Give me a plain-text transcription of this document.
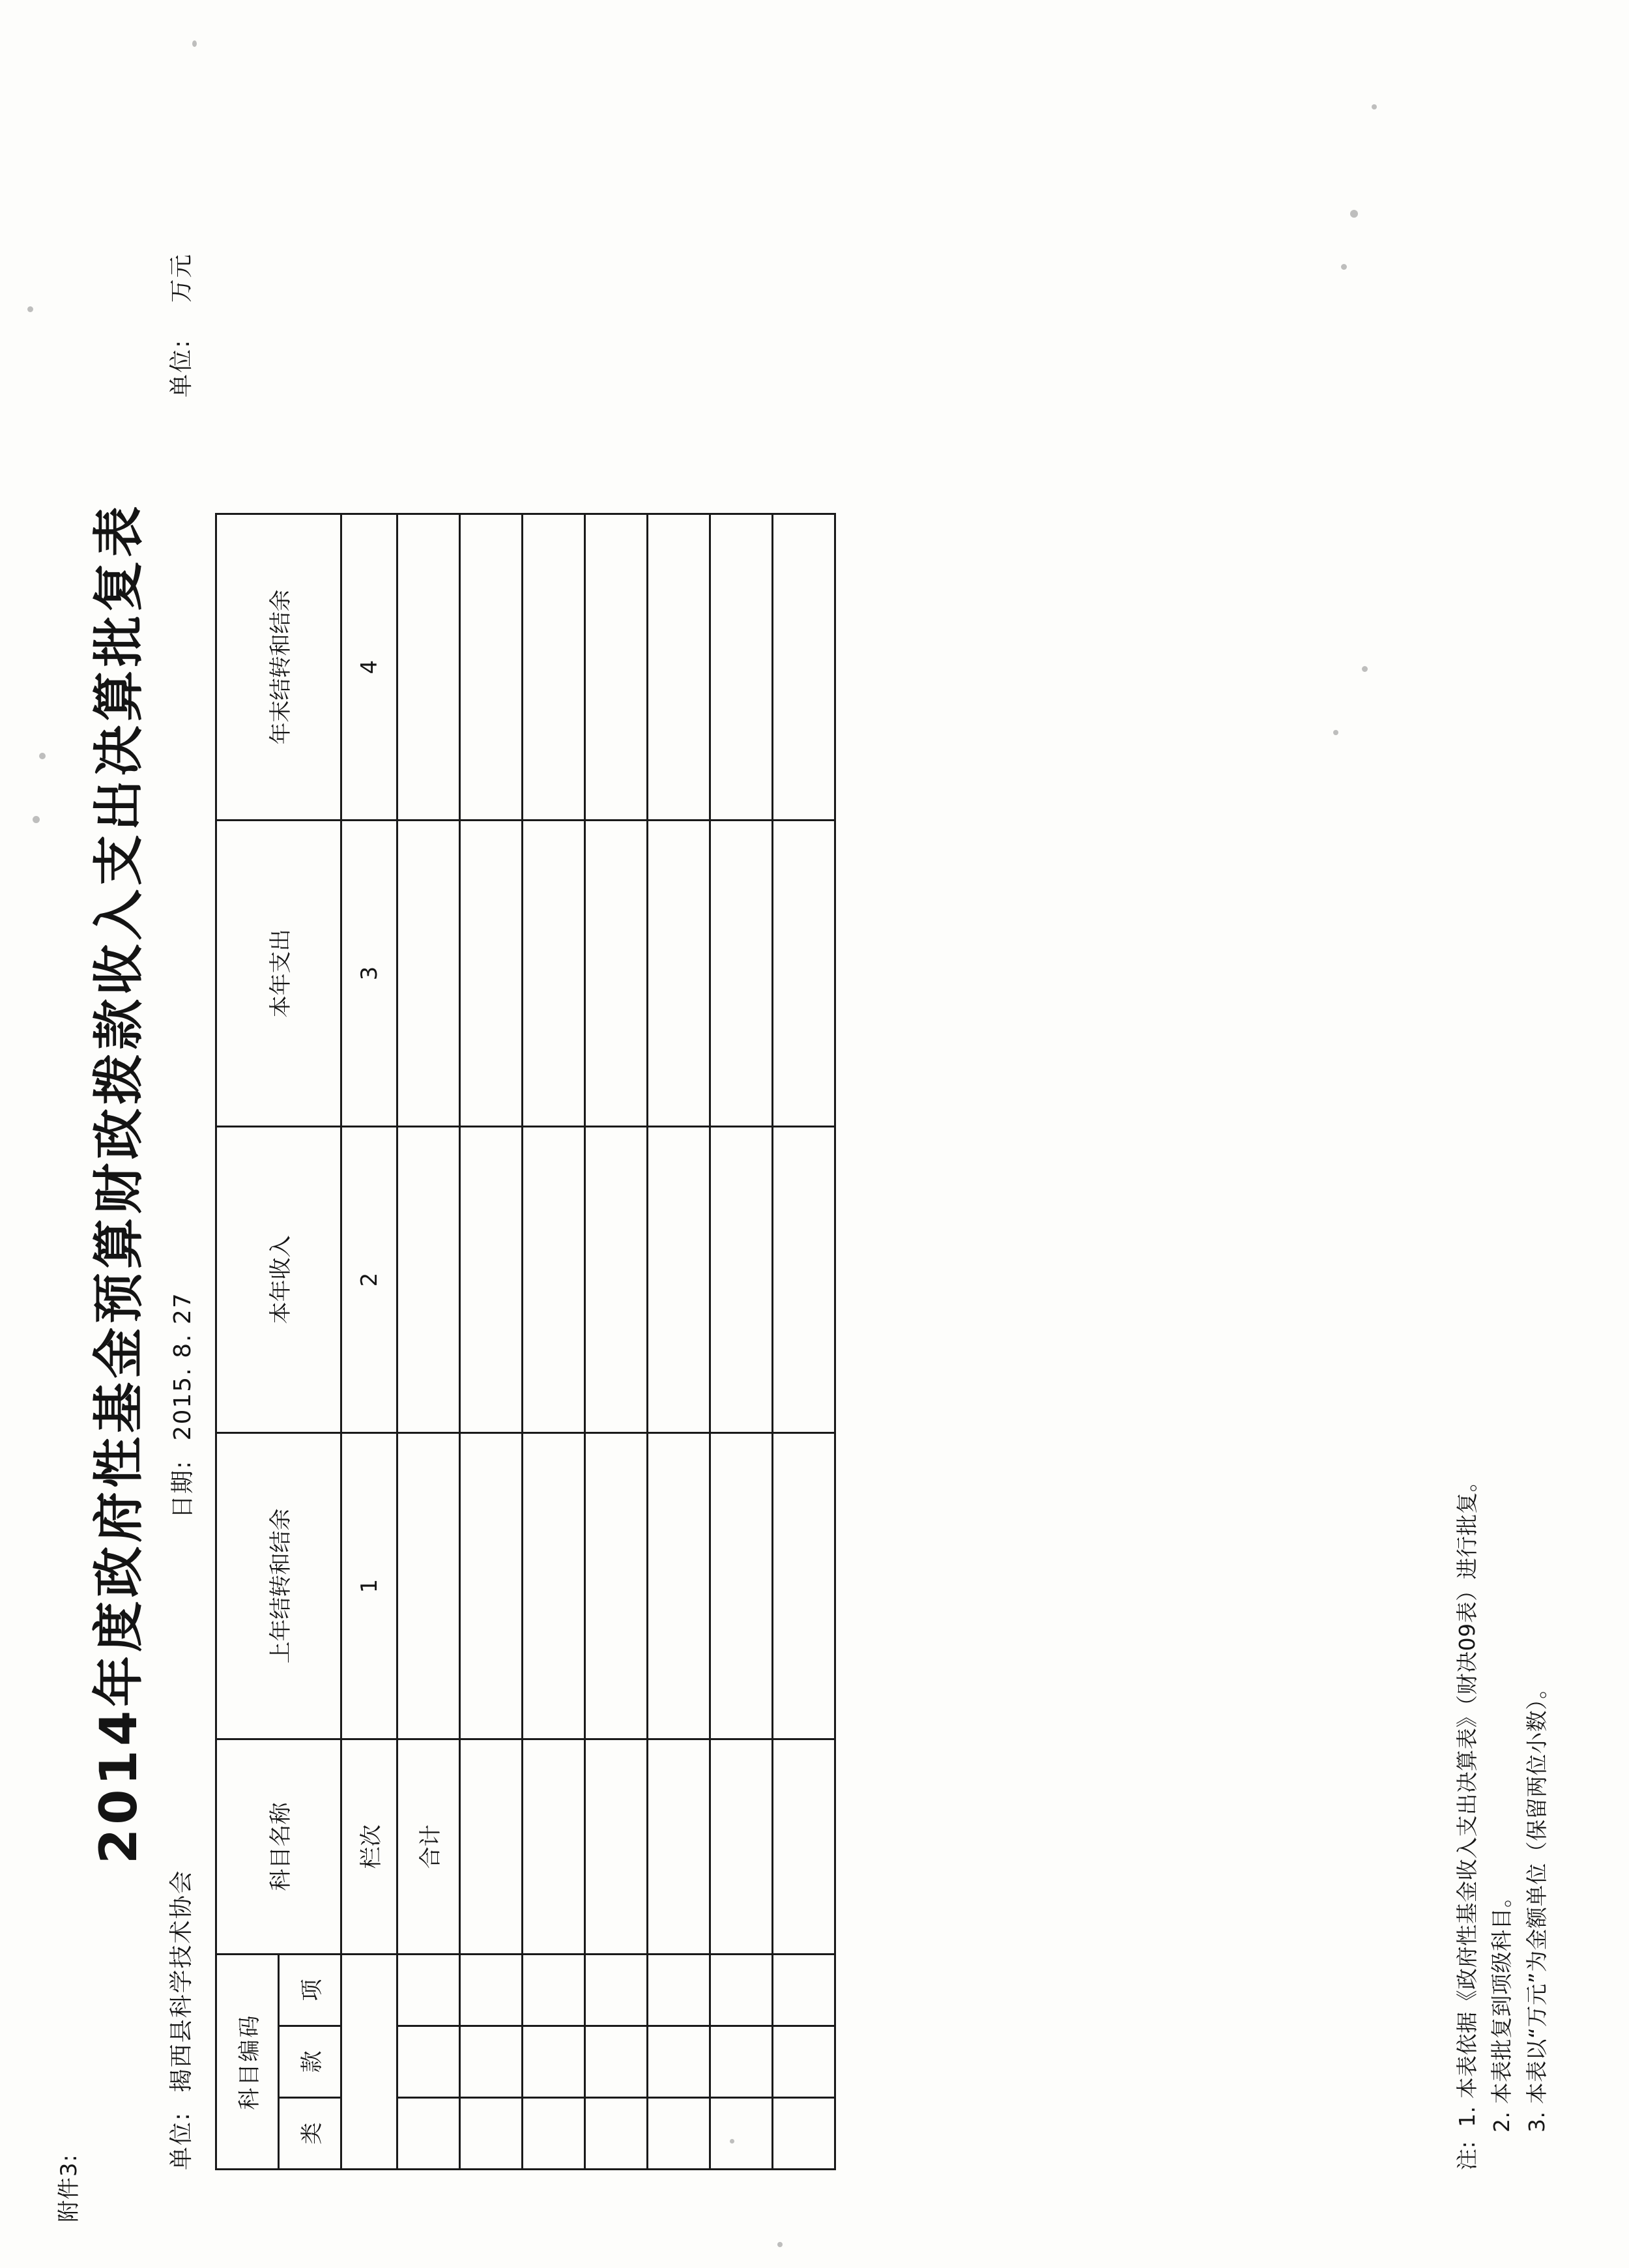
附件3:
2014年度政府性基金预算财政拨款收入支出决算批复表
单位: 揭西县科学技术协会
日期: 2015. 8. 27
单位: 万元
科目编码			科目名称	上年结转和结余	本年收入	本年支出	年末结转和结余
类	款	项					
			栏次	1	2	3	4
			合计				

注: 1. 本表依据《政府性基金收入支出决算表》（财决09表）进行批复。 2. 本表批复到项级科目。 3. 本表以“万元”为金额单位（保留两位小数）。
